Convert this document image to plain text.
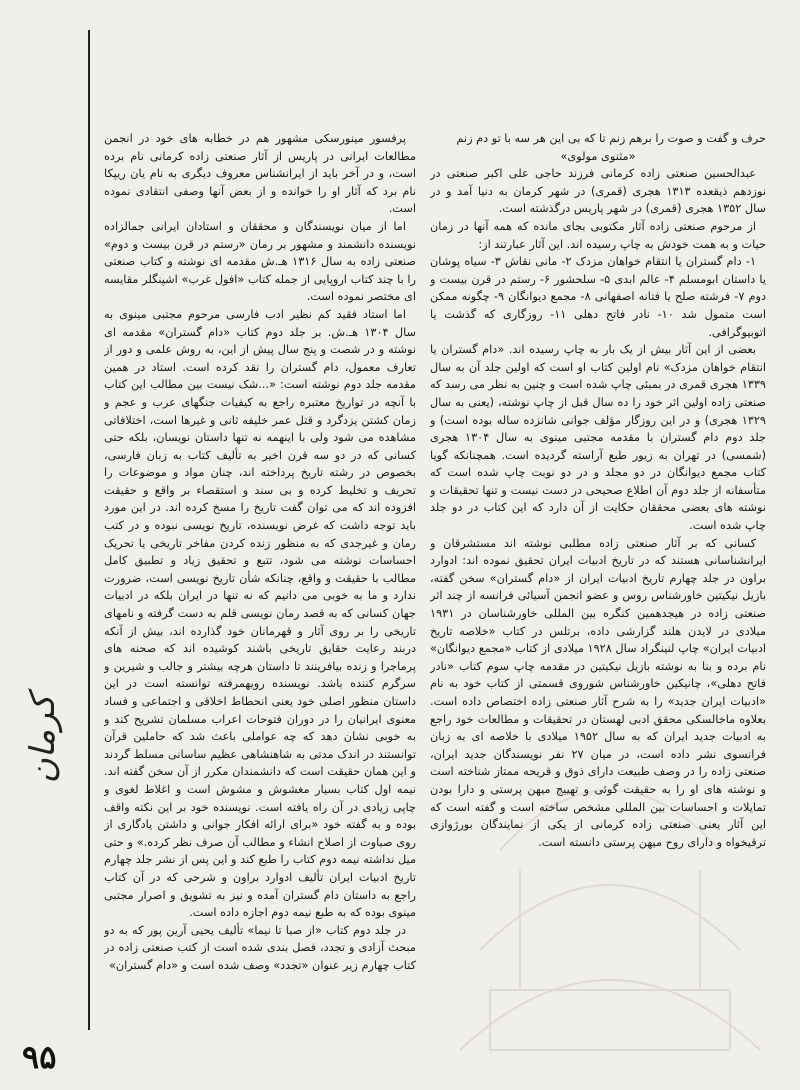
حرف و گفت و صوت را برهم زنم تا که بی این هر سه با تو دم زنم

«مثنوی مولوی»

عبدالحسین صنعتی زاده کرمانی فرزند حاجی علی اکبر صنعتی در نوزدهم ذیقعده ۱۳۱۳ هجری (قمری) در شهر کرمان به دنیا آمد و در سال ۱۳۵۲ هجری (قمری) در شهر پاریس درگذشته است.

از مرحوم صنعتی زاده آثار مکتوبی بجای مانده که همه آنها در زمان حیات و به همت خودش به چاپ رسیده اند. این آثار عبارتند از:

۱- دام گستران یا انتقام خواهان مزدک ۲- مانی نقاش ۳- سیاه پوشان یا داستان ابومسلم ۴- عالم ابدی ۵- سلحشور ۶- رستم در قرن بیست و دوم ۷- فرشته صلح یا فتانه اصفهانی ۸- مجمع دیوانگان ۹- چگونه ممکن است متمول شد ۱۰- نادر فاتح دهلی ۱۱- روزگاری که گذشت یا اتوبیوگرافی.

بعضی از این آثار بیش از یک بار به چاپ رسیده اند. «دام گستران یا انتقام خواهان مزدک» نام اولین کتاب او است که اولین جلد آن به سال ۱۳۳۹ هجری قمری در بمبئی چاپ شده است و چنین به نظر می رسد که صنعتی زاده اولین اثر خود را ده سال قبل از چاپ نوشته، (یعنی به سال ۱۳۲۹ هجری) و در این روزگار مؤلف جوانی شانزده ساله بوده است) و جلد دوم دام گستران با مقدمه مجتبی مینوی به سال ۱۳۰۴ هجری (شمسی) در تهران به زیور طبع آراسته گردیده است. همچنانکه گویا کتاب مجمع دیوانگان در دو مجلد و در دو نوبت چاپ شده است که متأسفانه از جلد دوم آن اطلاع صحیحی در دست نیست و تنها تحقیقات و نوشته های بعضی محققان حکایت از آن دارد که این کتاب در دو جلد چاپ شده است.

کسانی که بر آثار صنعتی زاده مطلبی نوشته اند مستشرقان و ایرانشناسانی هستند که در تاریخ ادبیات ایران تحقیق نموده اند: ادوارد براون در جلد چهارم تاریخ ادبیات ایران از «دام گستران» سخن گفته، بازیل نیکیتین خاورشناس روس و عضو انجمن آسیائی فرانسه از چند اثر صنعتی زاده در هیجدهمین کنگره بین المللی خاورشناسان در ۱۹۳۱ میلادی در لایدن هلند گزارشی داده، برتلس در کتاب «خلاصه تاریخ ادبیات ایران» چاپ لنینگراد سال ۱۹۲۸ میلادی از کتاب «مجمع دیوانگان» نام برده و بنا به نوشته بازیل نیکیتین در مقدمه چاپ سوم کتاب «نادر فاتح دهلی»، چانیکین خاورشناس شوروی قسمتی از کتاب خود به نام «ادبیات ایران جدید» را به شرح آثار صنعتی زاده اختصاص داده است. بعلاوه ماخالسکی محقق ادبی لهستان در تحقیقات و مطالعات خود راجع به ادبیات جدید ایران که به سال ۱۹۵۲ میلادی با خلاصه ای به زبان فرانسوی نشر داده است، در میان ۲۷ نفر نویسندگان جدید ایران، صنعتی زاده را در وصف طبیعت دارای ذوق و قریحه ممتاز شناخته است و نوشته های او را به حقیقت گوئی و تهییج میهن پرستی و دارا بودن تمایلات و احساسات بین المللی مشخص ساخته است و گفته است که این آثار یعنی صنعتی زاده کرمانی از یکی از نمایندگان بورژوازی ترقیخواه و دارای روح میهن پرستی دانسته است.

پرفسور مینورسکی مشهور هم در خطابه های خود در انجمن مطالعات ایرانی در پاریس از آثار صنعتی زاده کرمانی نام برده است، و در آخر باید از ایرانشناس معروف دیگری به نام یان ریپکا نام برد که آثار او را خوانده و از بعض آنها وصفی انتقادی نموده است.

اما از میان نویسندگان و محققان و استادان ایرانی جمالزاده نویسنده دانشمند و مشهور بر رمان «رستم در قرن بیست و دوم» صنعتی زاده به سال ۱۳۱۶ هـ.ش مقدمه ای نوشته و کتاب صنعتی را با چند کتاب اروپایی از جمله کتاب «افول غرب» اشپنگلر مقایسه ای مختصر نموده است.

اما استاد فقید کم نظیر ادب فارسی مرحوم مجتبی مینوی به سال ۱۳۰۴ هـ.ش. بر جلد دوم کتاب «دام گستران» مقدمه ای نوشته و در شصت و پنج سال پیش از این، به روش علمی و دور از تعارف معمول، دام گستران را نقد کرده است. استاد در همین مقدمه جلد دوم نوشته است: «...شک نیست بین مطالب این کتاب با آنچه در تواریخ معتبره راجع به کیفیات جنگهای عرب و عجم و زمان کشتن یزدگرد و قتل عمر خلیفه ثانی و غیرها است، اختلافاتی مشاهده می شود ولی با اینهمه نه تنها داستان نویسان، بلکه حتی کسانی که در دو سه قرن اخیر به تألیف کتاب به زبان فارسی، بخصوص در رشته تاریخ پرداخته اند، چنان مواد و موضوعات را تحریف و تخلیط کرده و بی سند و استقصاء بر واقع و حقیقت افزوده اند که می توان گفت تاریخ را مسخ کرده اند. در این مورد باید توجه داشت که غرض نویسنده، تاریخ نویسی نبوده و در کتب رمان و غیرجدی که به منظور زنده کردن مفاخر تاریخی یا تحریک احساسات نوشته می شود، تتبع و تحقیق زیاد و تطبیق کامل مطالب با حقیقت و واقع، چنانکه شأن تاریخ نویسی است، ضرورت ندارد و ما به خوبی می دانیم که نه تنها در ایران بلکه در ادبیات جهان کسانی که به قصد رمان نویسی قلم به دست گرفته و نامهای تاریخی را بر روی آثار و قهرمانان خود گذارده اند، بیش از آنکه دربند رعایت حقایق تاریخی باشند کوشیده اند که صحنه های پرماجرا و زنده بیافرینند تا داستان هرچه بیشتر و جالب و شیرین و سرگرم کننده باشد. نویسنده رویهمرفته توانسته است در این داستان منظور اصلی خود یعنی انحطاط اخلاقی و اجتماعی و فساد معنوی ایرانیان را در دوران فتوحات اعراب مسلمان تشریح کند و به خوبی نشان دهد که چه عواملی باعث شد که حاملین قرآن توانستند در اندک مدتی به شاهنشاهی عظیم ساسانی مسلط گردند و این همان حقیقت است که دانشمندان مکرر از آن سخن گفته اند. نیمه اول کتاب بسیار مغشوش و مشوش است و اغلاط لغوی و چاپی زیادی در آن راه یافته است. نویسنده خود بر این نکته واقف بوده و به گفته خود «برای ارائه افکار جوانی و داشتن یادگاری از روی صباوت از اصلاح انشاء و مطالب آن صرف نظر کرده.» و حتی میل نداشته نیمه دوم کتاب را طبع کند و این پس از نشر جلد چهارم تاریخ ادبیات ایران تألیف ادوارد براون و شرحی که در آن کتاب راجع به داستان دام گستران آمده و نیز به تشویق و اصرار مجتبی مینوی بوده که به طبع نیمه دوم اجازه داده است.

در جلد دوم کتاب «از صبا تا نیما» تألیف یحیی آرین پور که به دو مبحث آزادی و تجدد، فصل بندی شده است از کتب صنعتی زاده در کتاب چهارم زیر عنوان «تجدد» وصف شده است و «دام گستران»

کرمان
۹۵
